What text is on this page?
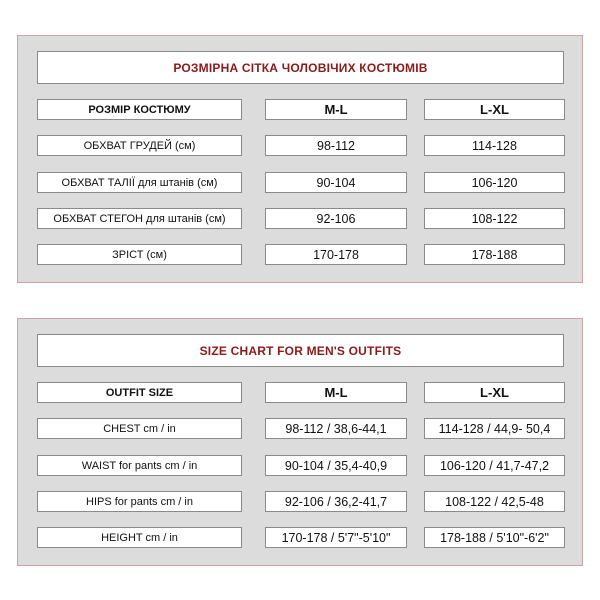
РОЗМІРНА СІТКА ЧОЛОВІЧИХ КОСТЮМІВ
РОЗМІР КОСТЮМУ	M-L	L-XL
ОБХВАТ ГРУДЕЙ (см)	98-112	114-128
ОБХВАТ ТАЛІЇ для штанів (см)	90-104	106-120
ОБХВАТ СТЕГОН для штанів (см)	92-106	108-122
ЗРІСТ (см)	170-178	178-188
SIZE CHART FOR MEN'S OUTFITS
OUTFIT SIZE	M-L	L-XL
CHEST cm / in	98-112 / 38,6-44,1	114-128 / 44,9- 50,4
WAIST for pants cm / in	90-104 / 35,4-40,9	106-120 / 41,7-47,2
HIPS for pants cm / in	92-106 / 36,2-41,7	108-122 / 42,5-48
HEIGHT cm / in	170-178 / 5'7"-5'10"	178-188 / 5'10"-6'2"
